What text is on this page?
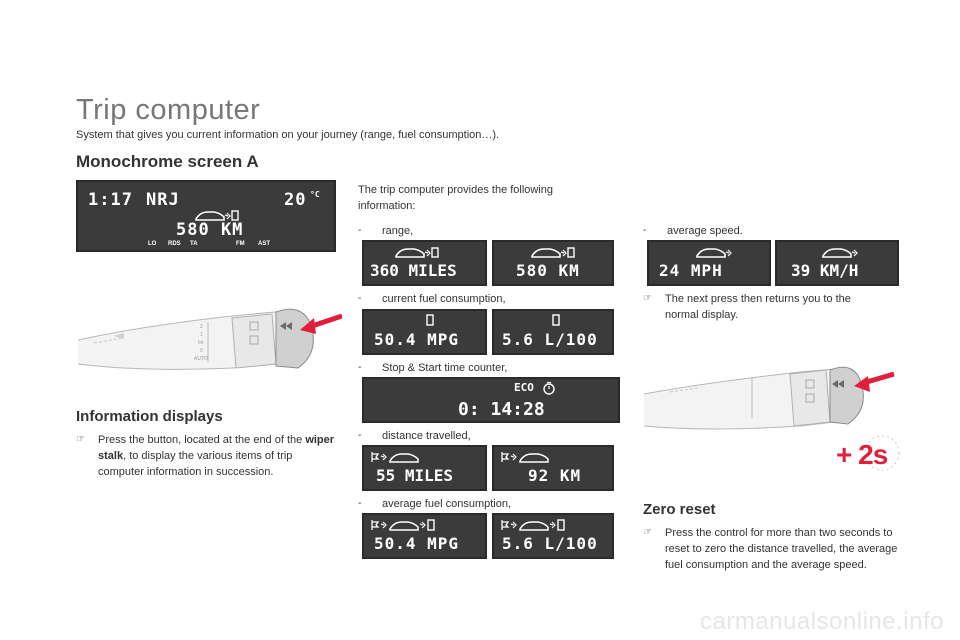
Trip computer
System that gives you current information on your journey (range, fuel consumption…).
Monochrome screen A
1:17 NRJ	20 °C
580 KM
LO RDS TA	FM AST
2
1
Int
0
AUTO
Information displays
☞	Press the button, located at the end of the wiper stalk, to display the various items of trip computer information in succession.
The trip computer provides the following information:
-	range,
360 MILES	580 KM
-	current fuel consumption,
50.4 MPG	5.6 L/100
-	Stop & Start time counter,
ECO
0: 14:28
-	distance travelled,
55 MILES	92 KM
-	average fuel consumption,
50.4 MPG	5.6 L/100
-	average speed.
24 MPH	39 KM/H
☞	The next press then returns you to the normal display.
+ 2s
Zero reset
☞	Press the control for more than two seconds to reset to zero the distance travelled, the average fuel consumption and the average speed.
carmanualsonline.info
